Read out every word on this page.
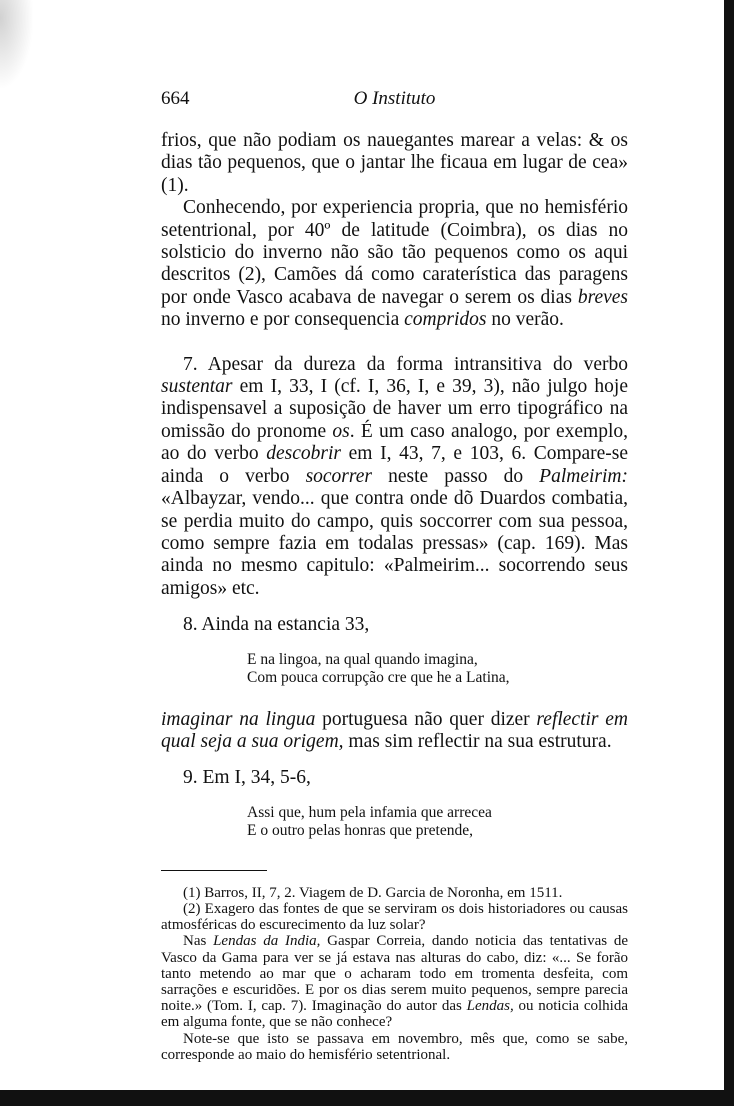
664	O Instituto

frios, que não podiam os nauegantes marear a velas: & os dias tão pequenos, que o jantar lhe ficaua em lugar de cea» (1).

Conhecendo, por experiencia propria, que no hemisfério setentrional, por 40º de latitude (Coimbra), os dias no solsticio do inverno não são tão pequenos como os aqui descritos (2), Camões dá como caraterística das paragens por onde Vasco acabava de navegar o serem os dias breves no inverno e por consequencia compridos no verão.

7. Apesar da dureza da forma intransitiva do verbo sustentar em I, 33, I (cf. I, 36, I, e 39, 3), não julgo hoje indispensavel a suposição de haver um erro tipográfico na omissão do pronome os. É um caso analogo, por exemplo, ao do verbo descobrir em I, 43, 7, e 103, 6. Compare-se ainda o verbo socorrer neste passo do Palmeirim: «Albayzar, vendo... que contra onde dõ Duardos combatia, se perdia muito do campo, quis soccorrer com sua pessoa, como sempre fazia em todalas pressas» (cap. 169). Mas ainda no mesmo capitulo: «Palmeirim... socorrendo seus amigos» etc.

8. Ainda na estancia 33,

E na lingoa, na qual quando imagina,

Com pouca corrupção cre que he a Latina,

imaginar na lingua portuguesa não quer dizer reflectir em qual seja a sua origem, mas sim reflectir na sua estrutura.

9. Em I, 34, 5-6,

Assi que, hum pela infamia que arrecea

E o outro pelas honras que pretende,

(1) Barros, II, 7, 2. Viagem de D. Garcia de Noronha, em 1511.

(2) Exagero das fontes de que se serviram os dois historiadores ou causas atmosféricas do escurecimento da luz solar?

Nas Lendas da India, Gaspar Correia, dando noticia das tentativas de Vasco da Gama para ver se já estava nas alturas do cabo, diz: «... Se forão tanto metendo ao mar que o acharam todo em tromenta desfeita, com sarrações e escuridões. E por os dias serem muito pequenos, sempre parecia noite.» (Tom. I, cap. 7). Imaginação do autor das Lendas, ou noticia colhida em alguma fonte, que se não conhece?

Note-se que isto se passava em novembro, mês que, como se sabe, corresponde ao maio do hemisfério setentrional.
